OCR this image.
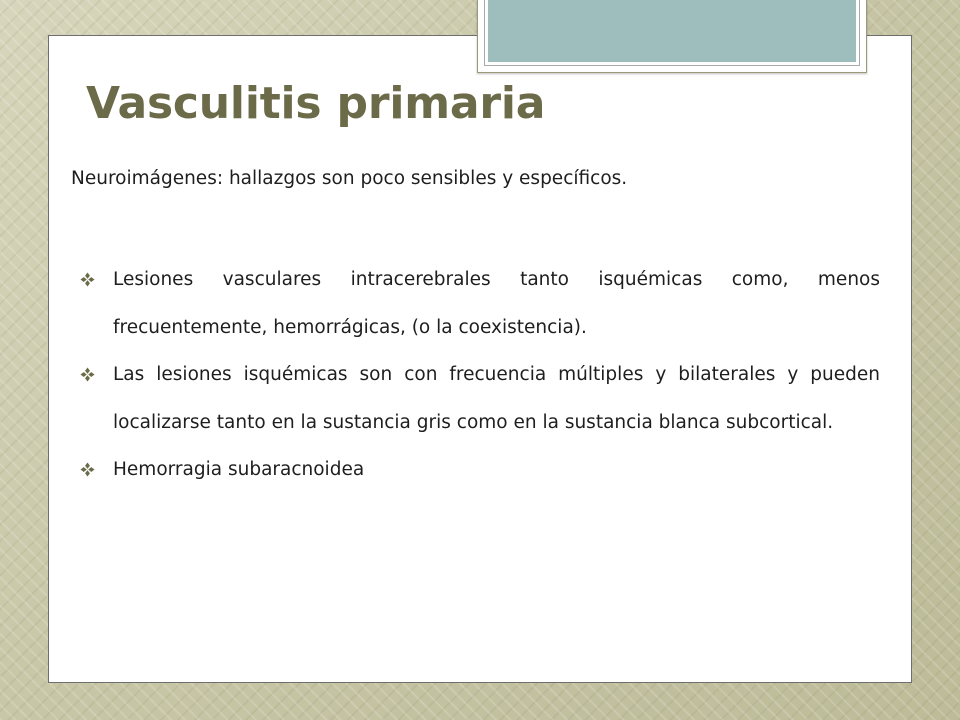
Vasculitis primaria

Neuroimágenes: hallazgos son poco sensibles y específicos.

Lesiones vasculares intracerebrales tanto isquémicas como, menos frecuentemente, hemorrágicas, (o la coexistencia).
Las lesiones isquémicas son con frecuencia múltiples y bilaterales y pueden localizarse tanto en la sustancia gris como en la sustancia blanca subcortical.
Hemorragia subaracnoidea
